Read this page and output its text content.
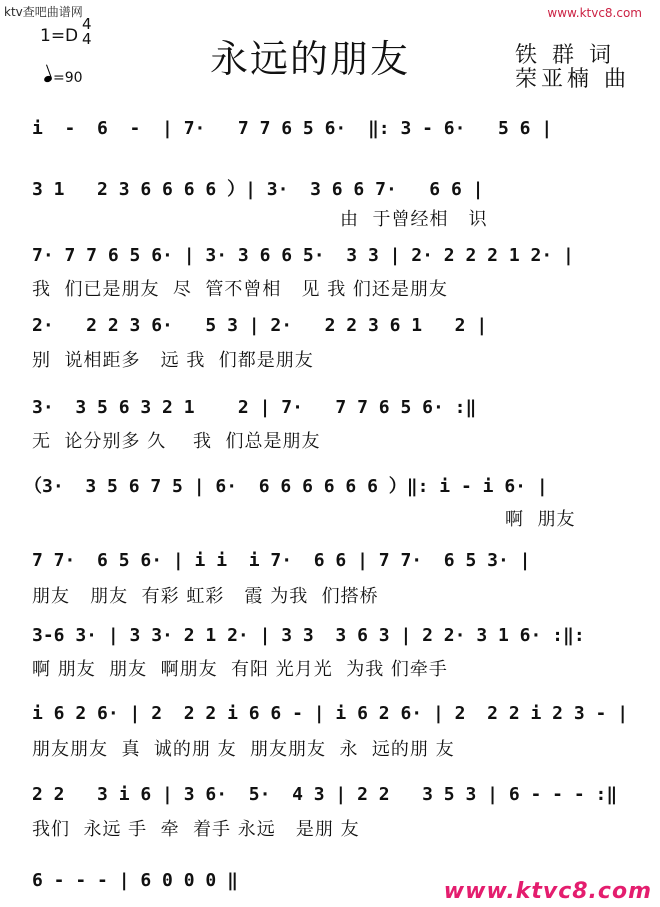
ktv查吧曲谱网	www.ktvc8.com
1=D
4
4
=90	永远的朋友	铁 群 词
荣亚楠 曲
i  -  6  -  | 7·   7 7 6 5 6·  ‖: 3 - 6·   5 6 |
3 1   2 3 6 6 6 6 ）| 3·  3 6 6 7·   6 6 |
由  于曾经相   识
7· 7 7 6 5 6· | 3· 3 6 6 5·  3 3 | 2· 2 2 2 1 2· |
我  们已是朋友  尽  管不曾相   见 我 们还是朋友
2·   2 2 3 6·   5 3 | 2·   2 2 3 6 1   2 |
别  说相距多   远 我  们都是朋友
3·  3 5 6 3 2 1    2 | 7·   7 7 6 5 6· :‖
无  论分别多 久    我  们总是朋友
（3·  3 5 6 7 5 | 6·  6 6 6 6 6 6 ）‖: i - i 6· |
啊  朋友
7 7·  6 5 6· | i i  i 7·  6 6 | 7 7·  6 5 3· |
朋友   朋友  有彩 虹彩   霞 为我  们搭桥
3-6 3· | 3 3· 2 1 2· | 3 3  3 6 3 | 2 2· 3 1 6· :‖:
啊 朋友  朋友  啊朋友  有阳 光月光  为我 们牵手
i 6 2 6· | 2  2 2 i 6 6 - | i 6 2 6· | 2  2 2 i 2 3 - |
朋友朋友  真  诚的朋 友  朋友朋友  永  远的朋 友
2 2   3 i 6 | 3 6·  5·  4 3 | 2 2   3 5 3 | 6 - - - :‖
我们  永远 手  牵  着手 永远   是朋 友
6 - - - | 6 0 0 0 ‖	www.ktvc8.com
